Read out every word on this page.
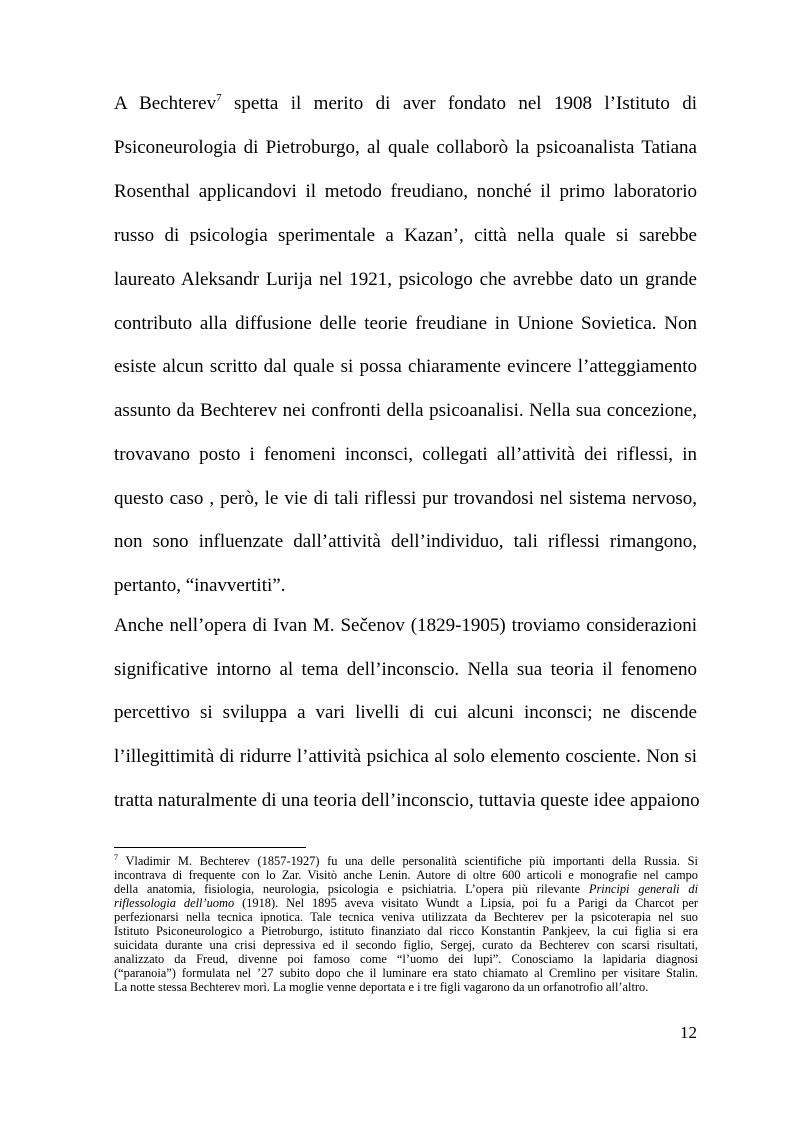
A Bechterev$^7$ spetta il merito di aver fondato nel 1908 l’Istituto di
Psiconeurologia di Pietroburgo, al quale collaborò la psicoanalista Tatiana
Rosenthal applicandovi il metodo freudiano, nonché il primo laboratorio
russo di psicologia sperimentale a Kazan’, città nella quale si sarebbe
laureato Aleksandr Lurija nel 1921, psicologo che avrebbe dato un grande
contributo alla diffusione delle teorie freudiane in Unione Sovietica. Non
esiste alcun scritto dal quale si possa chiaramente evincere l’atteggiamento
assunto da Bechterev nei confronti della psicoanalisi. Nella sua concezione,
trovavano posto i fenomeni inconsci, collegati all’attività dei riflessi, in
questo caso , però, le vie di tali riflessi pur trovandosi nel sistema nervoso,
non sono influenzate dall’attività dell’individuo, tali riflessi rimangono,
pertanto, “inavvertiti”.
Anche nell’opera di Ivan M. Sečenov (1829-1905) troviamo considerazioni
significative intorno al tema dell’inconscio. Nella sua teoria il fenomeno
percettivo si sviluppa a vari livelli di cui alcuni inconsci; ne discende
l’illegittimità di ridurre l’attività psichica al solo elemento cosciente. Non si
tratta naturalmente di una teoria dell’inconscio, tuttavia queste idee appaiono
$^7$ Vladimir M. Bechterev (1857-1927) fu una delle personalità scientifiche più importanti della Russia. Si
incontrava di frequente con lo Zar. Visitò anche Lenin. Autore di oltre 600 articoli e monografie nel campo
della anatomia, fisiologia, neurologia, psicologia e psichiatria. L’opera più rilevante Principi generali di
riflessologia dell’uomo (1918). Nel 1895 aveva visitato Wundt a Lipsia, poi fu a Parigi da Charcot per
perfezionarsi nella tecnica ipnotica. Tale tecnica veniva utilizzata da Bechterev per la psicoterapia nel suo
Istituto Psiconeurologico a Pietroburgo, istituto finanziato dal ricco Konstantin Pankjeev, la cui figlia si era
suicidata durante una crisi depressiva ed il secondo figlio, Sergej, curato da Bechterev con scarsi risultati,
analizzato da Freud, divenne poi famoso come “l’uomo dei lupi”. Conosciamo la lapidaria diagnosi
(“paranoia”) formulata nel ’27 subito dopo che il luminare era stato chiamato al Cremlino per visitare Stalin.
La notte stessa Bechterev morì. La moglie venne deportata e i tre figli vagarono da un orfanotrofio all’altro.
12
